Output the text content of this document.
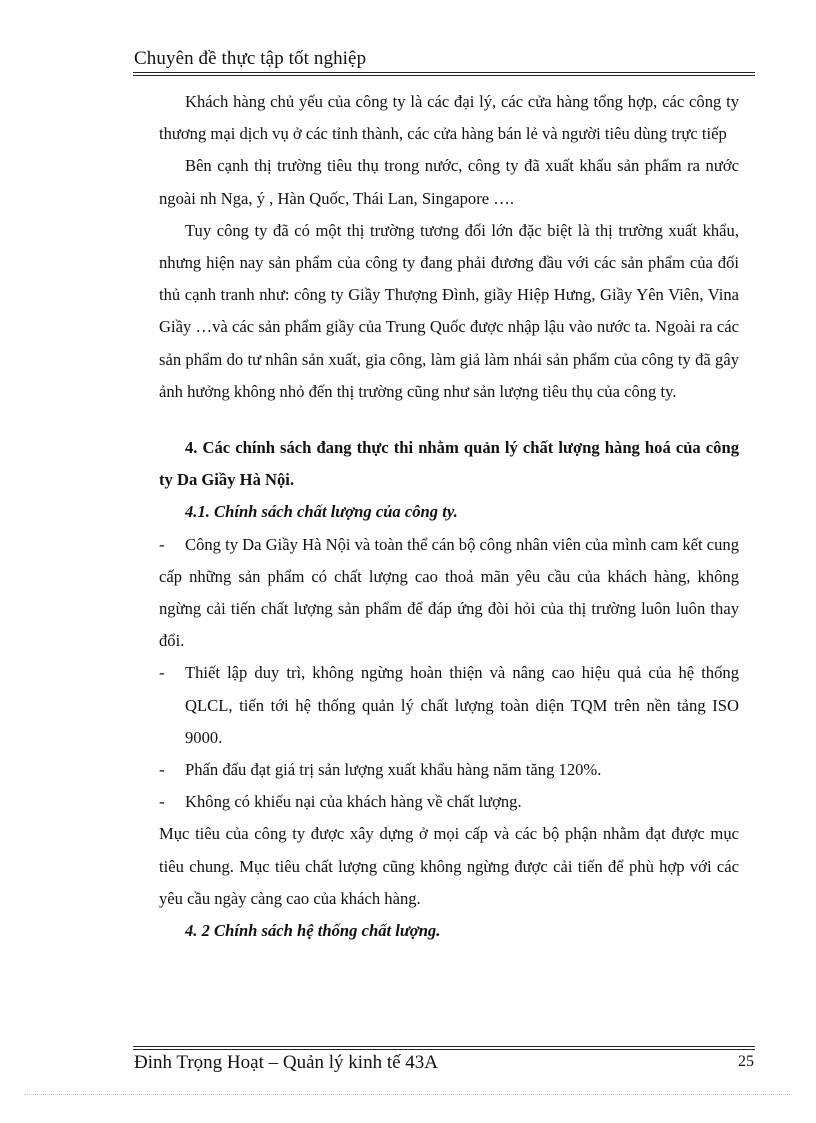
Chuyên đề thực tập tốt nghiệp

Khách hàng chủ yếu của công ty là các đại lý, các cửa hàng tổng hợp, các công ty thương mại dịch vụ ở các tỉnh thành, các cửa hàng bán lẻ và người tiêu dùng trực tiếp

Bên cạnh thị trường tiêu thụ trong nước, công ty đã xuất khẩu sản phẩm ra nước ngoài nh Nga, ý , Hàn Quốc, Thái Lan, Singapore ….

Tuy công ty đã có một thị trường tương đối lớn đặc biệt là thị trường xuất khẩu, nhưng hiện nay sản phẩm của công ty đang phải đương đầu với các sản phẩm của đối thủ cạnh tranh như: công ty Giầy Thượng Đình, giầy Hiệp Hưng, Giầy Yên Viên, Vina Giầy …và các sản phẩm giầy của Trung Quốc được nhập lậu vào nước ta. Ngoài ra các sản phẩm do tư nhân sản xuất, gia công, làm giả làm nhái sản phẩm của công ty đã gây ảnh hưởng không nhỏ đến thị trường cũng như sản lượng tiêu thụ của công ty.

4. Các chính sách đang thực thi nhằm quản lý chất lượng hàng hoá của công ty Da Giầy Hà Nội.

4.1. Chính sách chất lượng của công ty.

- Công ty Da Giầy Hà Nội và toàn thể cán bộ công nhân viên của mình cam kết cung cấp những sản phẩm có chất lượng cao thoả mãn yêu cầu của khách hàng, không ngừng cải tiến chất lượng sản phẩm để đáp ứng đòi hỏi của thị trường luôn luôn thay đổi.

- Thiết lập duy trì, không ngừng hoàn thiện và nâng cao hiệu quả của hệ thống QLCL, tiến tới hệ thống quản lý chất lượng toàn diện TQM trên nền tảng ISO 9000.

- Phấn đấu đạt giá trị sản lượng xuất khẩu hàng năm tăng 120%.

- Không có khiếu nại của khách hàng về chất lượng.

Mục tiêu của công ty được xây dựng ở mọi cấp và các bộ phận nhằm đạt được mục tiêu chung. Mục tiêu chất lượng cũng không ngừng được cải tiến để phù hợp với các yêu cầu ngày càng cao của khách hàng.

4. 2 Chính sách hệ thống chất lượng.

Đinh Trọng Hoạt – Quản lý kinh tế 43A	25
